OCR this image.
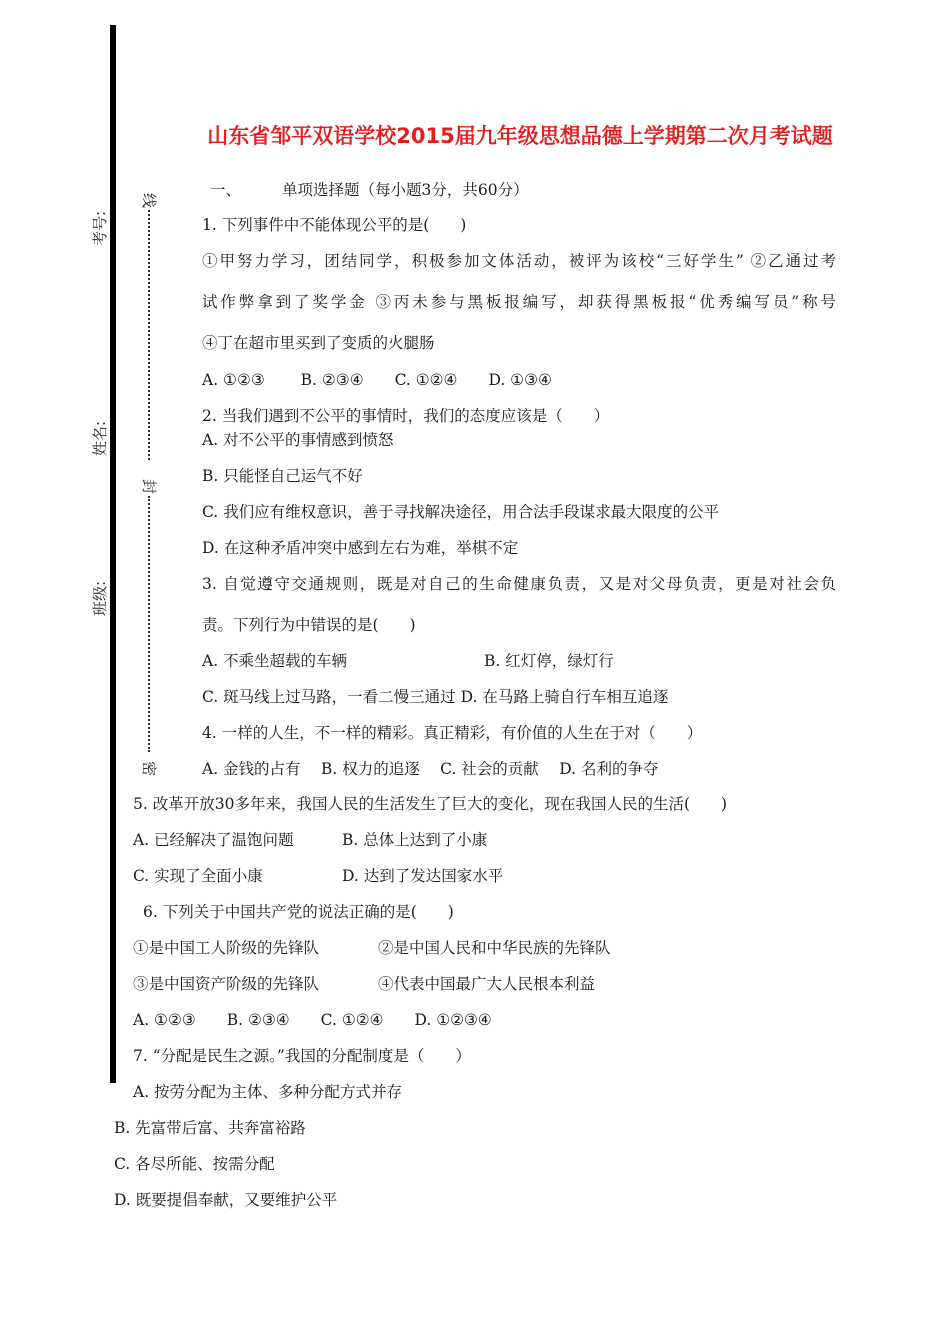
考号:
姓名:
班级:
线
封
密
山东省邹平双语学校2015届九年级思想品德上学期第二次月考试题
一、	单项选择题（每小题3分，共60分）
1. 下列事件中不能体现公平的是(　　)
①甲努力学习，团结同学，积极参加文体活动，被评为该校“三好学生” ②乙通过考
试作弊拿到了奖学金 ③丙未参与黑板报编写，却获得黑板报“优秀编写员”称号
④丁在超市里买到了变质的火腿肠
A. ①②③　　 B. ②③④　　C. ①②④　　D. ①③④
2. 当我们遇到不公平的事情时，我们的态度应该是（　　）
A. 对不公平的事情感到愤怒
B. 只能怪自己运气不好
C. 我们应有维权意识，善于寻找解决途径，用合法手段谋求最大限度的公平
D. 在这种矛盾冲突中感到左右为难，举棋不定
3. 自觉遵守交通规则，既是对自己的生命健康负责，又是对父母负责，更是对社会负
责。下列行为中错误的是(　　)
A. 不乘坐超载的车辆	B. 红灯停，绿灯行
C. 斑马线上过马路，一看二慢三通过 D. 在马路上骑自行车相互追逐
4. 一样的人生，不一样的精彩。真正精彩，有价值的人生在于对（　　）
A. 金钱的占有　 B. 权力的追逐　 C. 社会的贡献　 D. 名利的争夺
5. 改革开放30多年来，我国人民的生活发生了巨大的变化，现在我国人民的生活(　　)
A. 已经解决了温饱问题	B. 总体上达到了小康
C. 实现了全面小康	D. 达到了发达国家水平
6. 下列关于中国共产党的说法正确的是(　　)
①是中国工人阶级的先锋队	②是中国人民和中华民族的先锋队
③是中国资产阶级的先锋队	④代表中国最广大人民根本利益
A. ①②③　　B. ②③④　　C. ①②④　　D. ①②③④
7. “分配是民生之源。”我国的分配制度是（　　）
A. 按劳分配为主体、多种分配方式并存
B. 先富带后富、共奔富裕路
C. 各尽所能、按需分配
D. 既要提倡奉献，又要维护公平
